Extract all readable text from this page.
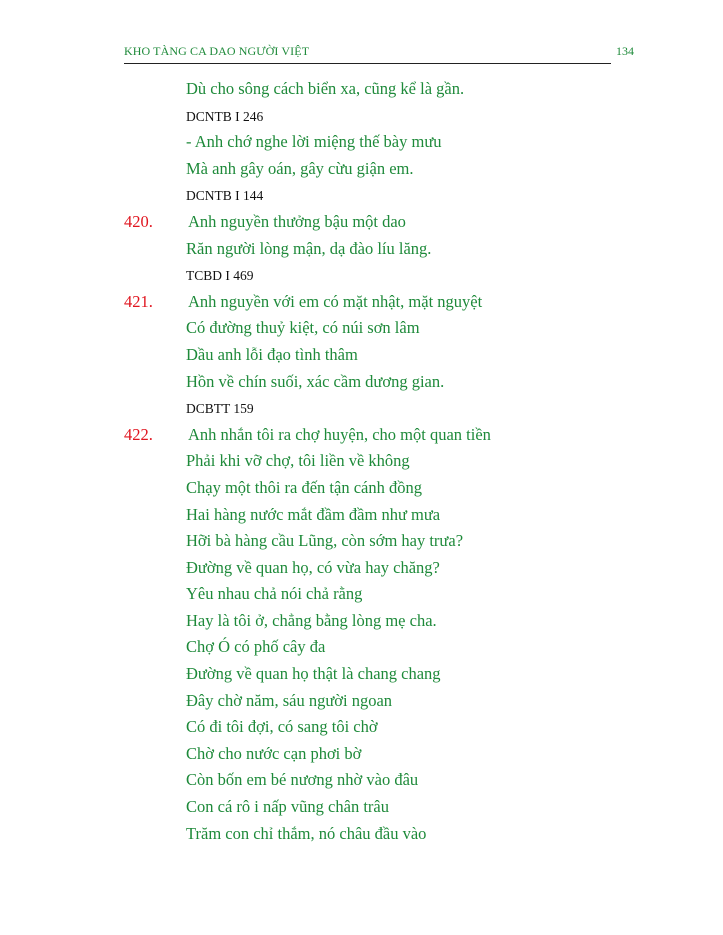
KHO TÀNG CA DAO NGƯỜI VIỆT	134
Dù cho sông cách biển xa, cũng kể là gần.
DCNTB I 246
- Anh chớ nghe lời miệng thế bày mưu
Mà anh gây oán, gây cừu giận em.
DCNTB I 144
420. Anh nguyền thưởng bậu một dao
Răn người lòng mận, dạ đào líu lăng.
TCBD I 469
421. Anh nguyền với em có mặt nhật, mặt nguyệt
Có đường thuỷ kiệt, có núi sơn lâm
Dầu anh lỗi đạo tình thâm
Hồn về chín suối, xác cầm dương gian.
DCBTT 159
422. Anh nhắn tôi ra chợ huyện, cho một quan tiền
Phải khi vỡ chợ, tôi liền về không
Chạy một thôi ra đến tận cánh đồng
Hai hàng nước mắt đầm đầm như mưa
Hỡi bà hàng cầu Lũng, còn sớm hay trưa?
Đường về quan họ, có vừa hay chăng?
Yêu nhau chả nói chả rằng
Hay là tôi ở, chẳng bằng lòng mẹ cha.
Chợ Ó có phố cây đa
Đường về quan họ thật là chang chang
Đây chờ năm, sáu người ngoan
Có đi tôi đợi, có sang tôi chờ
Chờ cho nước cạn phơi bờ
Còn bốn em bé nương nhờ vào đâu
Con cá rô i nấp vũng chân trâu
Trăm con chỉ thắm, nó châu đầu vào
